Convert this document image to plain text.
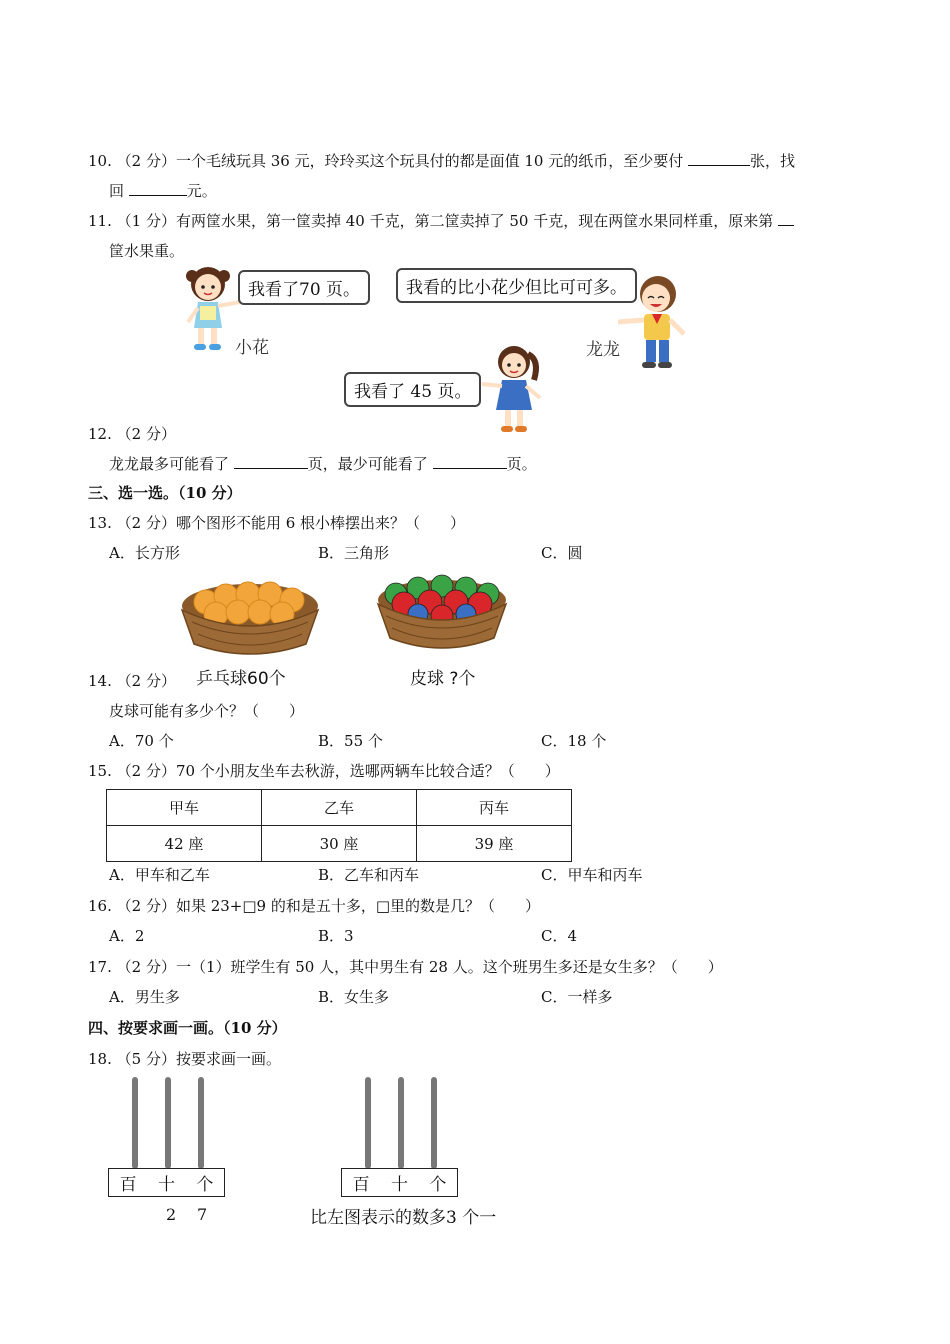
10. （2 分）一个毛绒玩具 36 元，玲玲买这个玩具付的都是面值 10 元的纸币，至少要付	张，找
回	元。
11. （1 分）有两筐水果，第一筐卖掉 40 千克，第二筐卖掉了 50 千克，现在两筐水果同样重，原来第
筐水果重。
我看了70 页。
小花
我看的比小花少但比可可多。
龙龙
我看了 45 页。
12. （2 分）
龙龙最多可能看了	页，最少可能看了	页。
三、选一选。（10 分）
13. （2 分）哪个图形不能用 6 根小棒摆出来？（　　）
A．长方形	B．三角形	C．圆
乒乓球60个	皮球 ?个
14. （2 分）
皮球可能有多少个？（　　）
A．70 个	B．55 个	C．18 个
15. （2 分）70 个小朋友坐车去秋游，选哪两辆车比较合适？（　　）
甲车	乙车	丙车
42 座	30 座	39 座
A．甲车和乙车	B．乙车和丙车	C．甲车和丙车
16. （2 分）如果 23+□9 的和是五十多，□里的数是几？（　　）
A．2	B．3	C．4
17. （2 分）一（1）班学生有 50 人，其中男生有 28 人。这个班男生多还是女生多？（　　）
A．男生多	B．女生多	C．一样多
四、按要求画一画。（10 分）
18. （5 分）按要求画一画。
百 十 个
2 7
百 十 个
比左图表示的数多3 个一
